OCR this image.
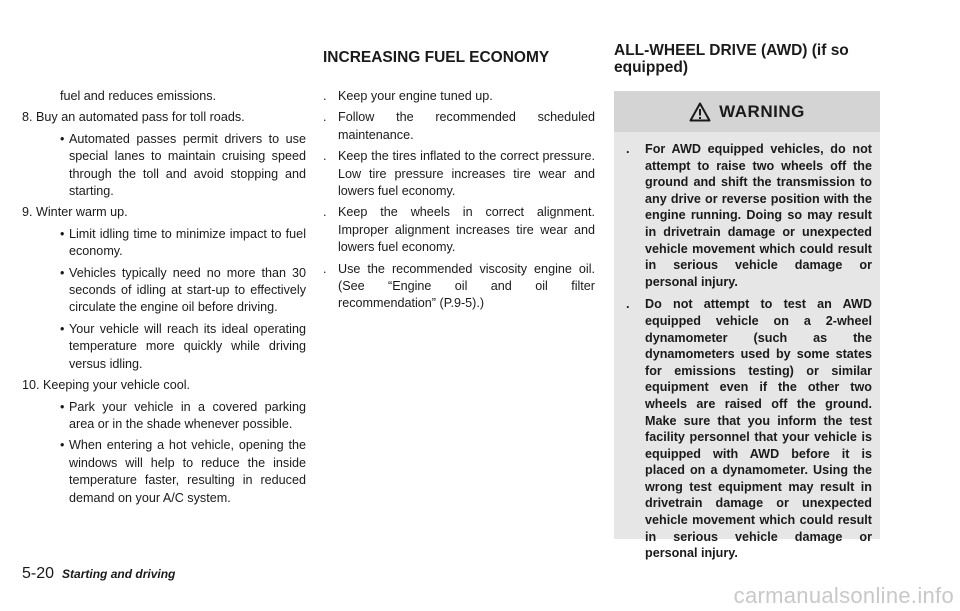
fuel and reduces emissions.

8. Buy an automated pass for toll roads.

• Automated passes permit drivers to use special lanes to maintain cruising speed through the toll and avoid stopping and starting.

9. Winter warm up.

• Limit idling time to minimize impact to fuel economy.

• Vehicles typically need no more than 30 seconds of idling at start-up to effectively circulate the engine oil before driving.

• Your vehicle will reach its ideal operating temperature more quickly while driving versus idling.

10. Keeping your vehicle cool.

• Park your vehicle in a covered parking area or in the shade whenever possible.

• When entering a hot vehicle, opening the windows will help to reduce the inside temperature faster, resulting in reduced demand on your A/C system.

INCREASING FUEL ECONOMY
. Keep your engine tuned up.
. Follow the recommended scheduled maintenance.
. Keep the tires inflated to the correct pressure. Low tire pressure increases tire wear and lowers fuel economy.
. Keep the wheels in correct alignment. Improper alignment increases tire wear and lowers fuel economy.
. Use the recommended viscosity engine oil. (See “Engine oil and oil filter recommendation” (P.9-5).)
ALL-WHEEL DRIVE (AWD) (if so equipped)
WARNING
. For AWD equipped vehicles, do not attempt to raise two wheels off the ground and shift the transmission to any drive or reverse position with the engine running. Doing so may result in drivetrain damage or unexpected vehicle movement which could result in serious vehicle damage or personal injury.
. Do not attempt to test an AWD equipped vehicle on a 2-wheel dynamometer (such as the dynamometers used by some states for emissions testing) or similar equipment even if the other two wheels are raised off the ground. Make sure that you inform the test facility personnel that your vehicle is equipped with AWD before it is placed on a dynamometer. Using the wrong test equipment may result in drivetrain damage or unexpected vehicle movement which could result in serious vehicle damage or personal injury.
5-20 Starting and driving
carmanualsonline.info
